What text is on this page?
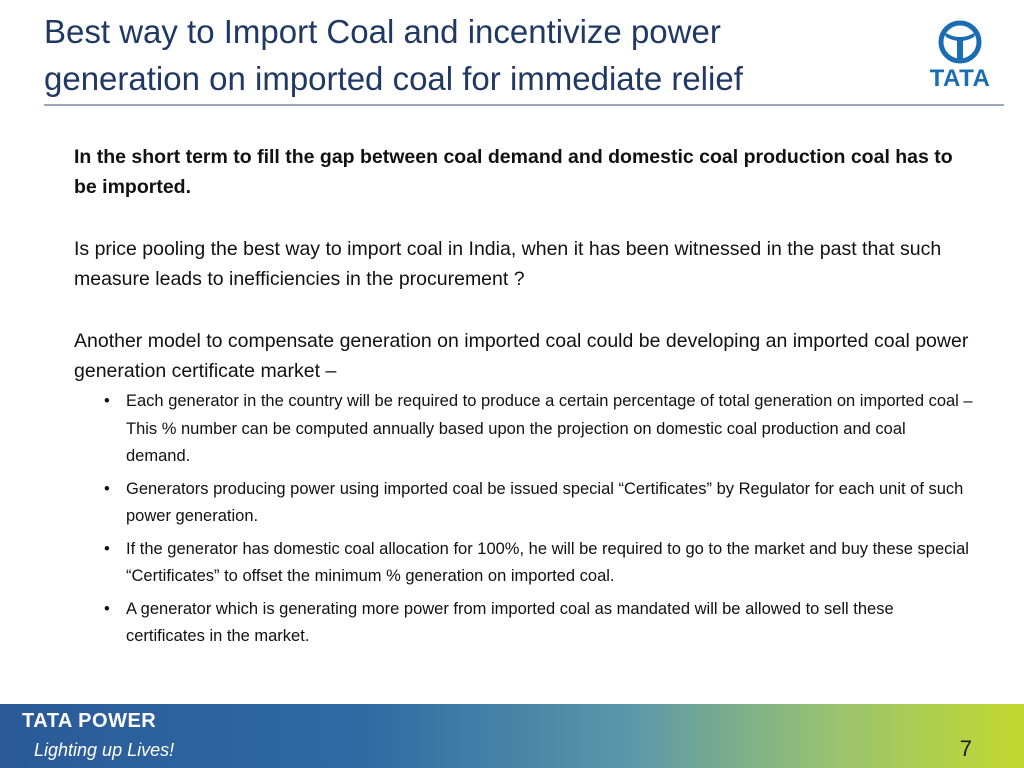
Best way to Import Coal and incentivize power generation on imported coal for immediate relief	TATA

In the short term to fill the gap between coal demand and domestic coal production coal has to be imported.

Is price pooling the best way to import coal in India, when it has been witnessed in the past that such measure leads to inefficiencies in the procurement ?

Another model to compensate generation on imported coal could be developing an imported coal power generation certificate market –

• Each generator in the country will be required to produce a certain percentage of total generation on imported coal – This % number can be computed annually based upon the projection on domestic coal production and coal demand.
• Generators producing power using imported coal be issued special “Certificates” by Regulator for each unit of such power generation.
• If the generator has domestic coal allocation for 100%, he will be required to go to the market and buy these special “Certificates” to offset the minimum % generation on imported coal.
• A generator which is generating more power from imported coal as mandated will be allowed to sell these certificates in the market.
TATA POWER
Lighting up Lives!	7
